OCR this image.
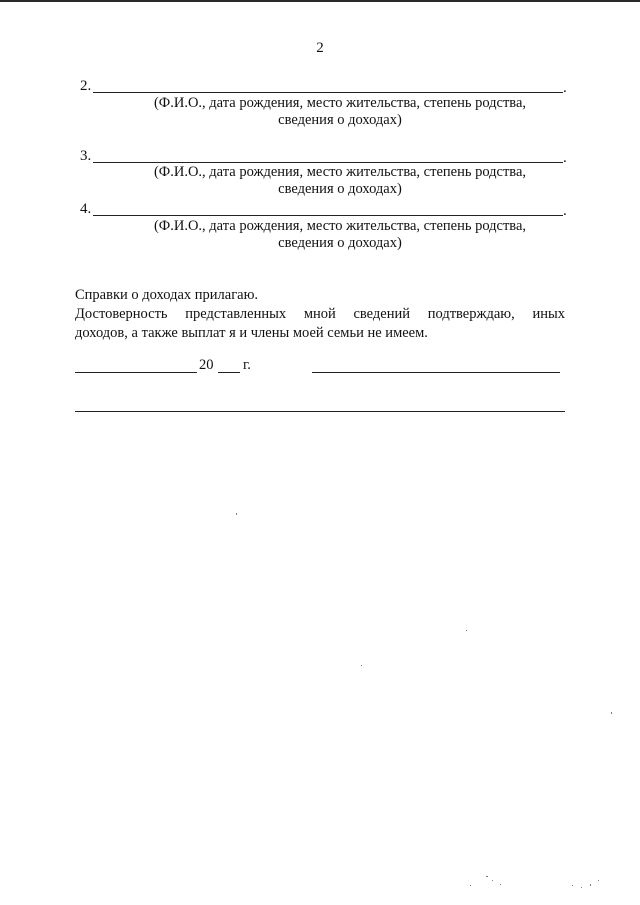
2
2.	.
(Ф.И.О., дата рождения, место жительства, степень родства,
сведения о доходах)
3.	.
(Ф.И.О., дата рождения, место жительства, степень родства,
сведения о доходах)
4.	.
(Ф.И.О., дата рождения, место жительства, степень родства,
сведения о доходах)
Справки о доходах прилагаю.
Достоверность представленных мной сведений подтверждаю, иных
доходов, а также выплат я и члены моей семьи не имеем.
20 г.
